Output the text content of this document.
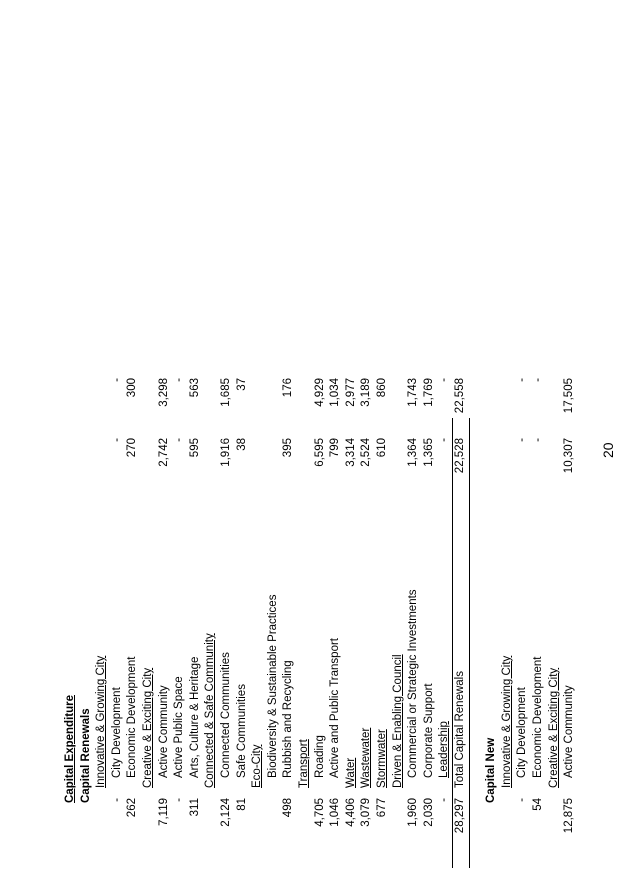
Capital Expenditure Capital Renewals Innovative & Growing City City Development
-
-
-
Economic Development
262
270
300
Creative & Exciting City Active Community
7,119
2,742
3,298
Active Public Space
-
-
-
Arts, Culture & Heritage
311
595
563
Connected & Safe Community Connected Communities
2,124
1,916
1,685
Safe Communities
81
38
37
Eco-City Biodiversity & Sustainable Practices Rubbish and Recycling
498
395
176
Transport Roading
4,705
6,595
4,929
Active and Public Transport
1,046
799
1,034
Water
4,406
3,314
2,977
Wastewater
3,079
2,524
3,189
Stormwater
677
610
860
Driven & Enabling Council Commercial or Strategic Investments
1,960
1,364
1,743
Corporate Support
2,030
1,365
1,769
Leadership
-
-
-
Total Capital Renewals
28,297
22,528
22,558
Capital New Innovative & Growing City City Development
-
-
-
Economic Development
54
-
-
Creative & Exciting City Active Community
12,875
10,307
17,505
20
